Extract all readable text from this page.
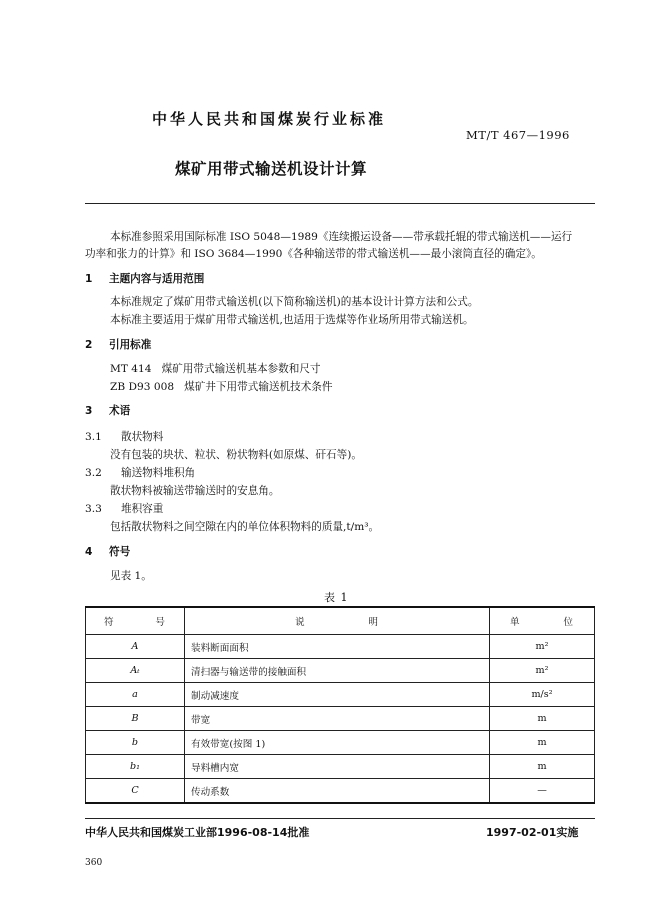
中华人民共和国煤炭行业标准
MT/T 467—1996
煤矿用带式输送机设计计算
本标准参照采用国际标准 ISO 5048—1989《连续搬运设备——带承载托辊的带式输送机——运行
功率和张力的计算》和 ISO 3684—1990《各种输送带的带式输送机——最小滚筒直径的确定》。
1 主题内容与适用范围
本标准规定了煤矿用带式输送机(以下简称输送机)的基本设计计算方法和公式。
本标准主要适用于煤矿用带式输送机,也适用于选煤等作业场所用带式输送机。
2 引用标准
MT 414   煤矿用带式输送机基本参数和尺寸
ZB D93 008   煤矿井下用带式输送机技术条件
3 术语
3.1 散状物料
没有包装的块状、粒状、粉状物料(如原煤、矸石等)。
3.2 输送物料堆积角
散状物料被输送带输送时的安息角。
3.3 堆积容重
包括散状物料之间空隙在内的单位体积物料的质量,t/m³。
4 符号
见表 1。
表 1
符 号	说 明	单 位

A	装料断面面积	m²
Aₜ	清扫器与输送带的接触面积	m²
a	制动减速度	m/s²
B	带宽	m
b	有效带宽(按图 1)	m
b₁	导料槽内宽	m
C	传动系数	—
中华人民共和国煤炭工业部1996-08-14批准	1997-02-01实施
360
